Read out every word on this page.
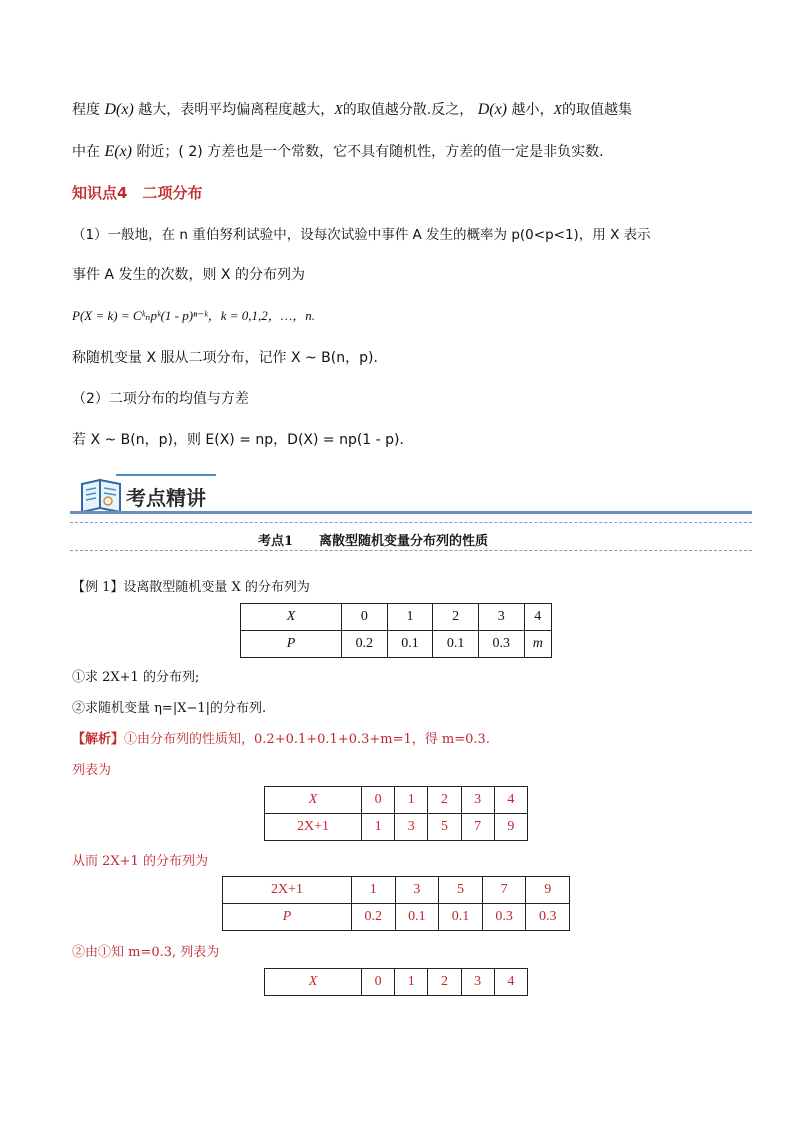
程度 D(x) 越大，表明平均偏离程度越大，X的取值越分散.反之， D(x) 越小，X的取值越集
中在 E(x) 附近；( 2) 方差也是一个常数，它不具有随机性，方差的值一定是非负实数.
知识点4　二项分布
（1）一般地，在 n 重伯努利试验中，设每次试验中事件 A 发生的概率为 p(0<p<1)，用 X 表示
事件 A 发生的次数，则 X 的分布列为
P(X = k) = Cᵏₙpᵏ(1 - p)ⁿ⁻ᵏ，k = 0,1,2，…，n.
称随机变量 X 服从二项分布，记作 X ~ B(n，p)．
（2）二项分布的均值与方差
若 X ~ B(n，p)，则 E(X) = np，D(X) = np(1 - p)．
考点精讲
考点1　　离散型随机变量分布列的性质
【例 1】设离散型随机变量 X 的分布列为
X	0	1	2	3	4
P	0.2	0.1	0.1	0.3	m
①求 2X+1 的分布列;
②求随机变量 η=|X−1|的分布列.
【解析】①由分布列的性质知，0.2+0.1+0.1+0.3+m=1，得 m=0.3.
列表为
X	0	1	2	3	4
2X+1	1	3	5	7	9
从而 2X+1 的分布列为
2X+1	1	3	5	7	9
P	0.2	0.1	0.1	0.3	0.3
②由①知 m=0.3, 列表为
X	0	1	2	3	4
